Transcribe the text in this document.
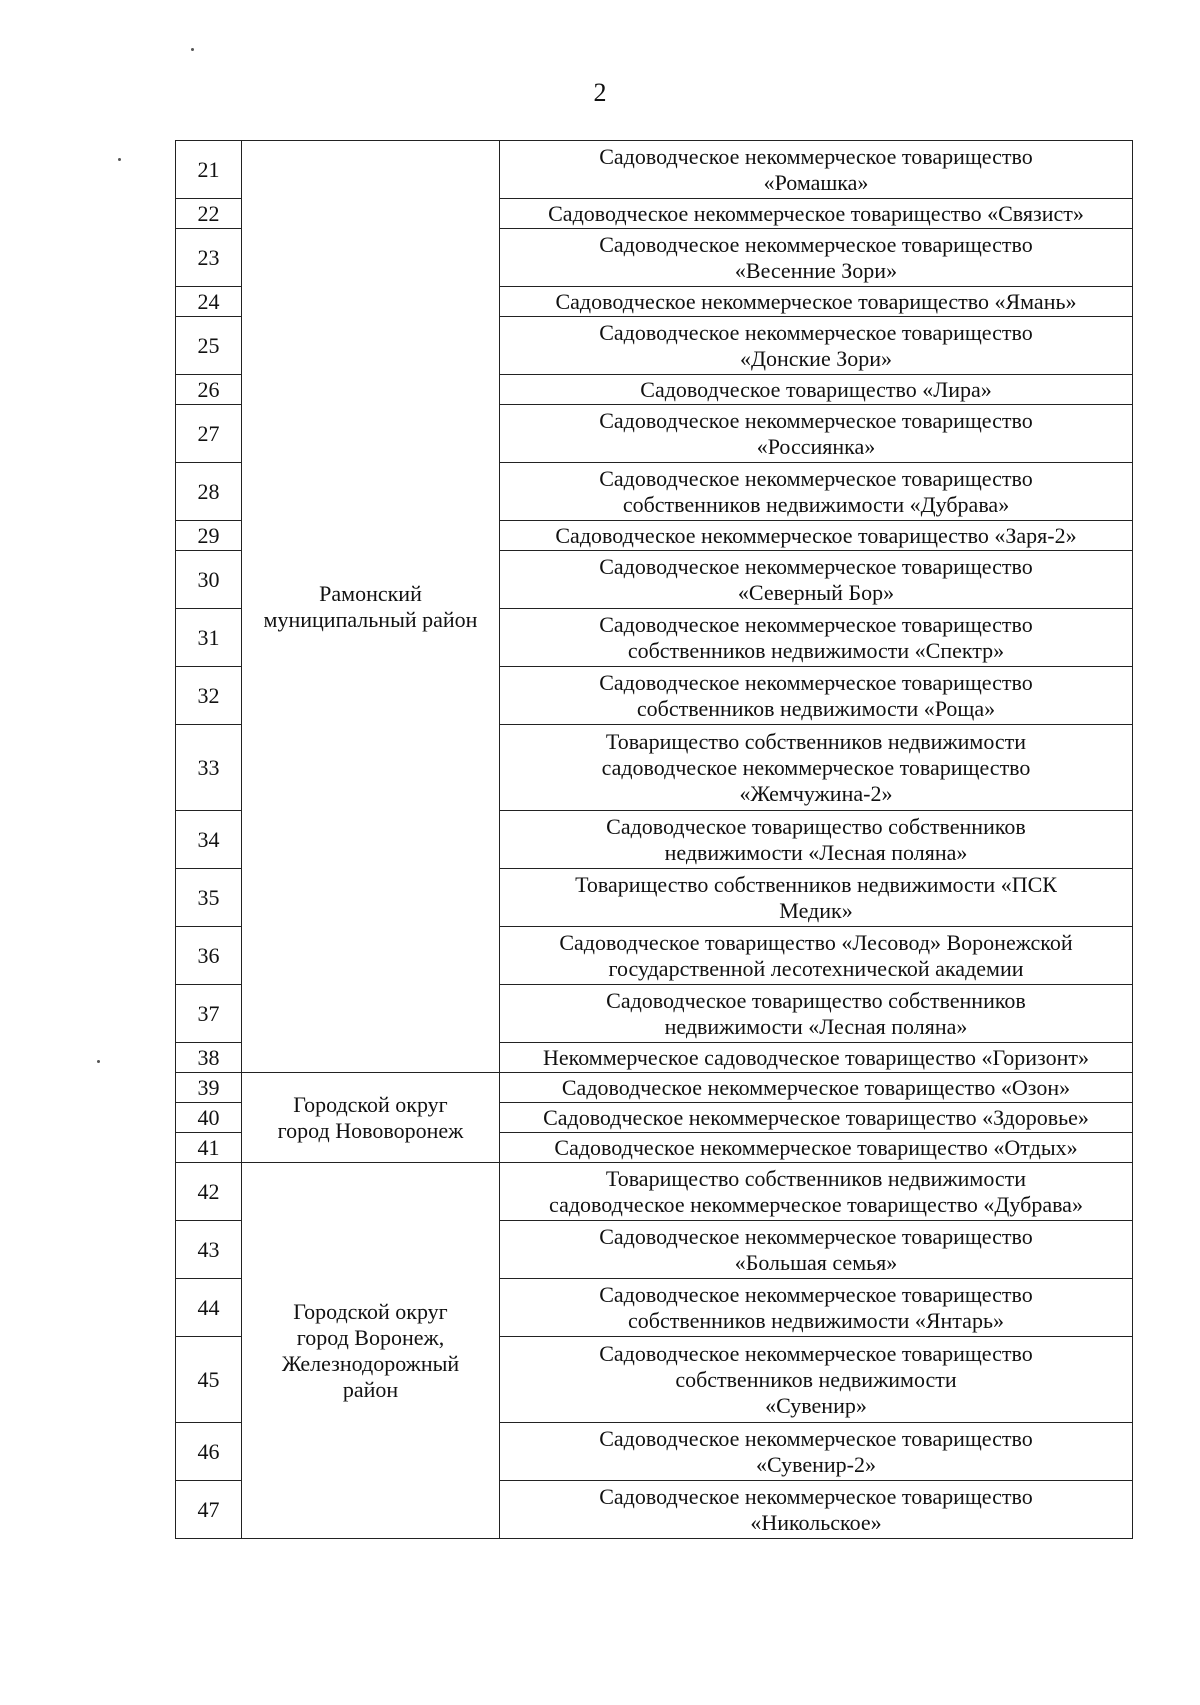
2
21	Рамонский
муниципальный район	Садоводческое некоммерческое товарищество
«Ромашка»
22		Садоводческое некоммерческое товарищество «Связист»
23		Садоводческое некоммерческое товарищество
«Весенние Зори»
24		Садоводческое некоммерческое товарищество «Ямань»
25		Садоводческое некоммерческое товарищество
«Донские Зори»
26		Садоводческое товарищество «Лира»
27		Садоводческое некоммерческое товарищество
«Россиянка»
28		Садоводческое некоммерческое товарищество
собственников недвижимости «Дубрава»
29		Садоводческое некоммерческое товарищество «Заря-2»
30		Садоводческое некоммерческое товарищество
«Северный Бор»
31		Садоводческое некоммерческое товарищество
собственников недвижимости «Спектр»
32		Садоводческое некоммерческое товарищество
собственников недвижимости «Роща»
33		Товарищество собственников недвижимости
садоводческое некоммерческое товарищество
«Жемчужина-2»
34		Садоводческое товарищество собственников
недвижимости «Лесная поляна»
35		Товарищество собственников недвижимости «ПСК
Медик»
36		Садоводческое товарищество «Лесовод» Воронежской
государственной лесотехнической академии
37		Садоводческое товарищество собственников
недвижимости «Лесная поляна»
38		Некоммерческое садоводческое товарищество «Горизонт»
39	Городской округ
город Нововоронеж	Садоводческое некоммерческое товарищество «Озон»
40		Садоводческое некоммерческое товарищество «Здоровье»
41		Садоводческое некоммерческое товарищество «Отдых»
42	Городской округ
город Воронеж,
Железнодорожный
район	Товарищество собственников недвижимости
садоводческое некоммерческое товарищество «Дубрава»
43		Садоводческое некоммерческое товарищество
«Большая семья»
44		Садоводческое некоммерческое товарищество
собственников недвижимости «Янтарь»
45		Садоводческое некоммерческое товарищество
собственников недвижимости
«Сувенир»
46		Садоводческое некоммерческое товарищество
«Сувенир-2»
47		Садоводческое некоммерческое товарищество
«Никольское»
